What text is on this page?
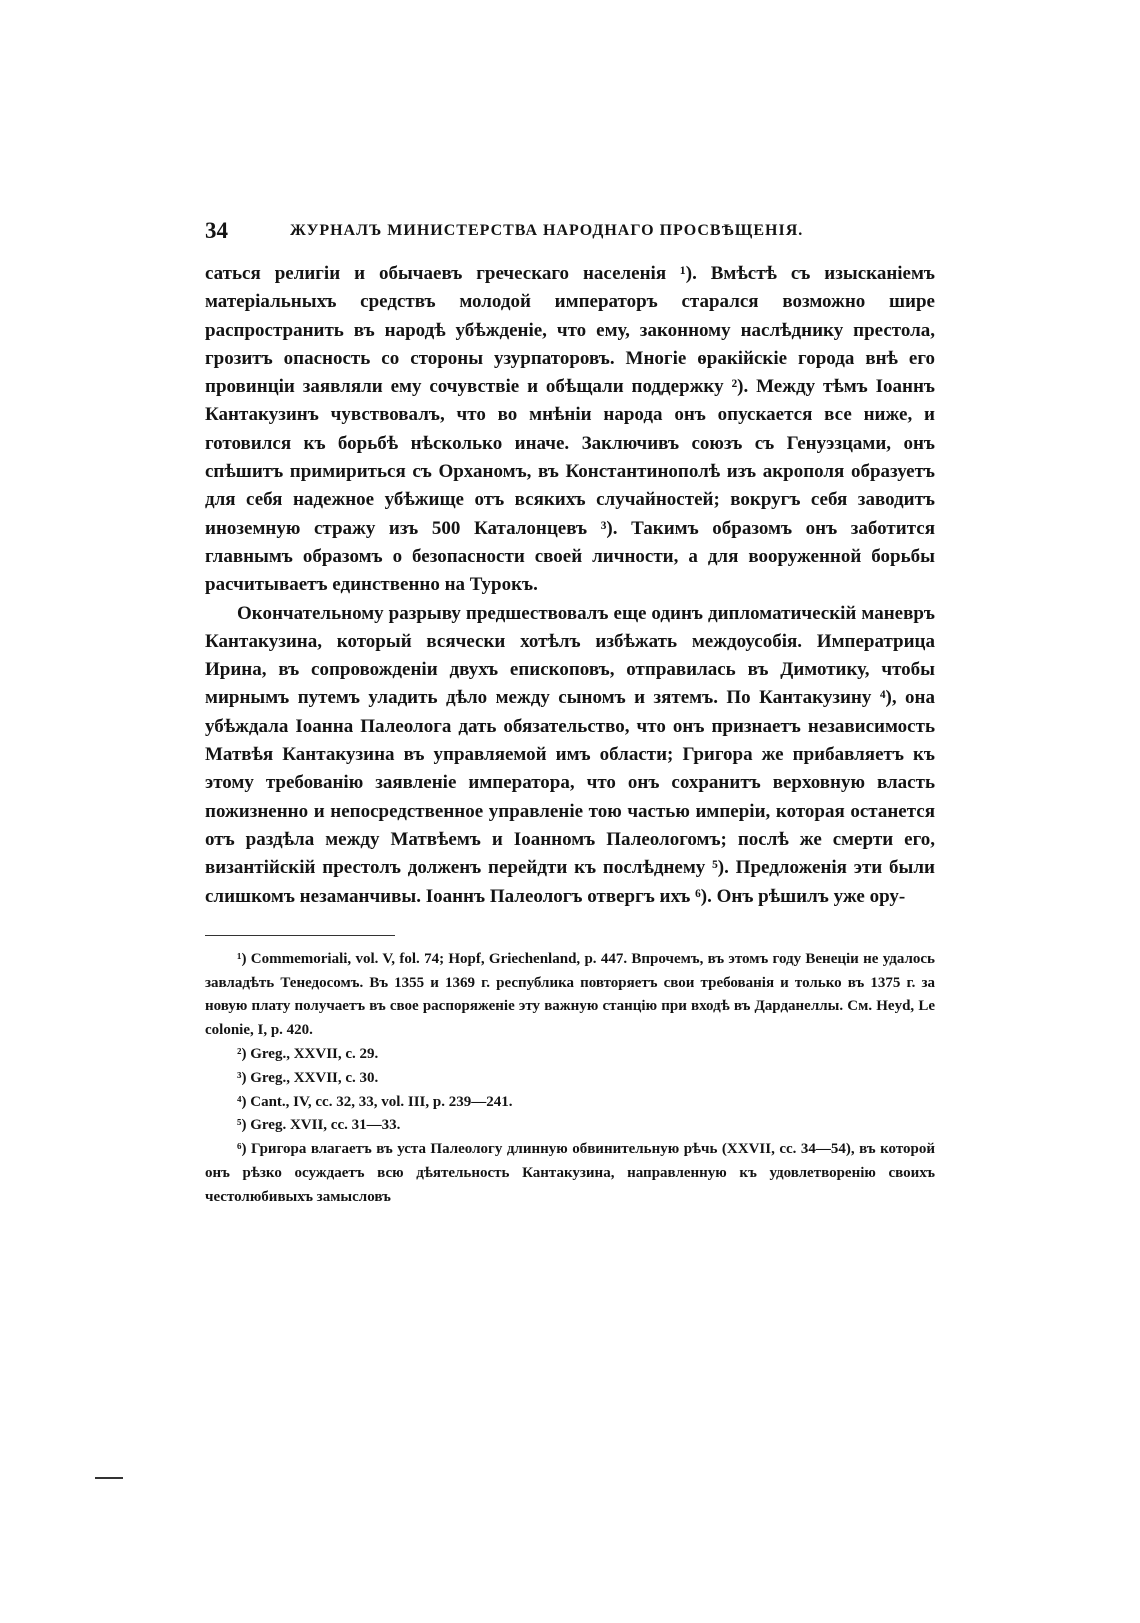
34	ЖУРНАЛЪ МИНИСТЕРСТВА НАРОДНАГО ПРОСВѢЩЕНІЯ.

саться религіи и обычаевъ греческаго населенія ¹). Вмѣстѣ съ изысканіемъ матеріальныхъ средствъ молодой императоръ старался возможно шире распространить въ народѣ убѣжденіе, что ему, законному наслѣднику престола, грозитъ опасность со стороны узурпаторовъ. Многіе ѳракійскіе города внѣ его провинціи заявляли ему сочувствіе и обѣщали поддержку ²). Между тѣмъ Іоаннъ Кантакузинъ чувствовалъ, что во мнѣніи народа онъ опускается все ниже, и готовился къ борьбѣ нѣсколько иначе. Заключивъ союзъ съ Генуэзцами, онъ спѣшитъ примириться съ Орханомъ, въ Константинополѣ изъ акрополя образуетъ для себя надежное убѣжище отъ всякихъ случайностей; вокругъ себя заводитъ иноземную стражу изъ 500 Каталонцевъ ³). Такимъ образомъ онъ заботится главнымъ образомъ о безопасности своей личности, а для вооруженной борьбы расчитываетъ единственно на Турокъ.

Окончательному разрыву предшествовалъ еще одинъ дипломатическій маневръ Кантакузина, который всячески хотѣлъ избѣжать междоусобія. Императрица Ирина, въ сопровожденіи двухъ епископовъ, отправилась въ Димотику, чтобы мирнымъ путемъ уладить дѣло между сыномъ и зятемъ. По Кантакузину ⁴), она убѣждала Іоанна Палеолога дать обязательство, что онъ признаетъ независимость Матвѣя Кантакузина въ управляемой имъ области; Григора же прибавляетъ къ этому требованію заявленіе императора, что онъ сохранитъ верховную власть пожизненно и непосредственное управленіе тою частью имперіи, которая останется отъ раздѣла между Матвѣемъ и Іоанномъ Палеологомъ; послѣ же смерти его, византійскій престолъ долженъ перейдти къ послѣднему ⁵). Предложенія эти были слишкомъ незаманчивы. Іоаннъ Палеологъ отвергъ ихъ ⁶). Онъ рѣшилъ уже ору-

¹) Commemoriali, vol. V, fol. 74; Hopf, Griechenland, p. 447. Впрочемъ, въ этомъ году Венеціи не удалось завладѣть Тенедосомъ. Въ 1355 и 1369 г. республика повторяетъ свои требованія и только въ 1375 г. за новую плату получаетъ въ свое распоряженіе эту важную станцію при входѣ въ Дарданеллы. См. Heyd, Le colonie, I, p. 420.

²) Greg., XXVII, c. 29.

³) Greg., XXVII, c. 30.

⁴) Cant., IV, cc. 32, 33, vol. III, p. 239—241.

⁵) Greg. XVII, cc. 31—33.

⁶) Григора влагаетъ въ уста Палеологу длинную обвинительную рѣчь (XXVII, cc. 34—54), въ которой онъ рѣзко осуждаетъ всю дѣятельность Кантакузина, направленную къ удовлетворенію своихъ честолюбивыхъ замысловъ
